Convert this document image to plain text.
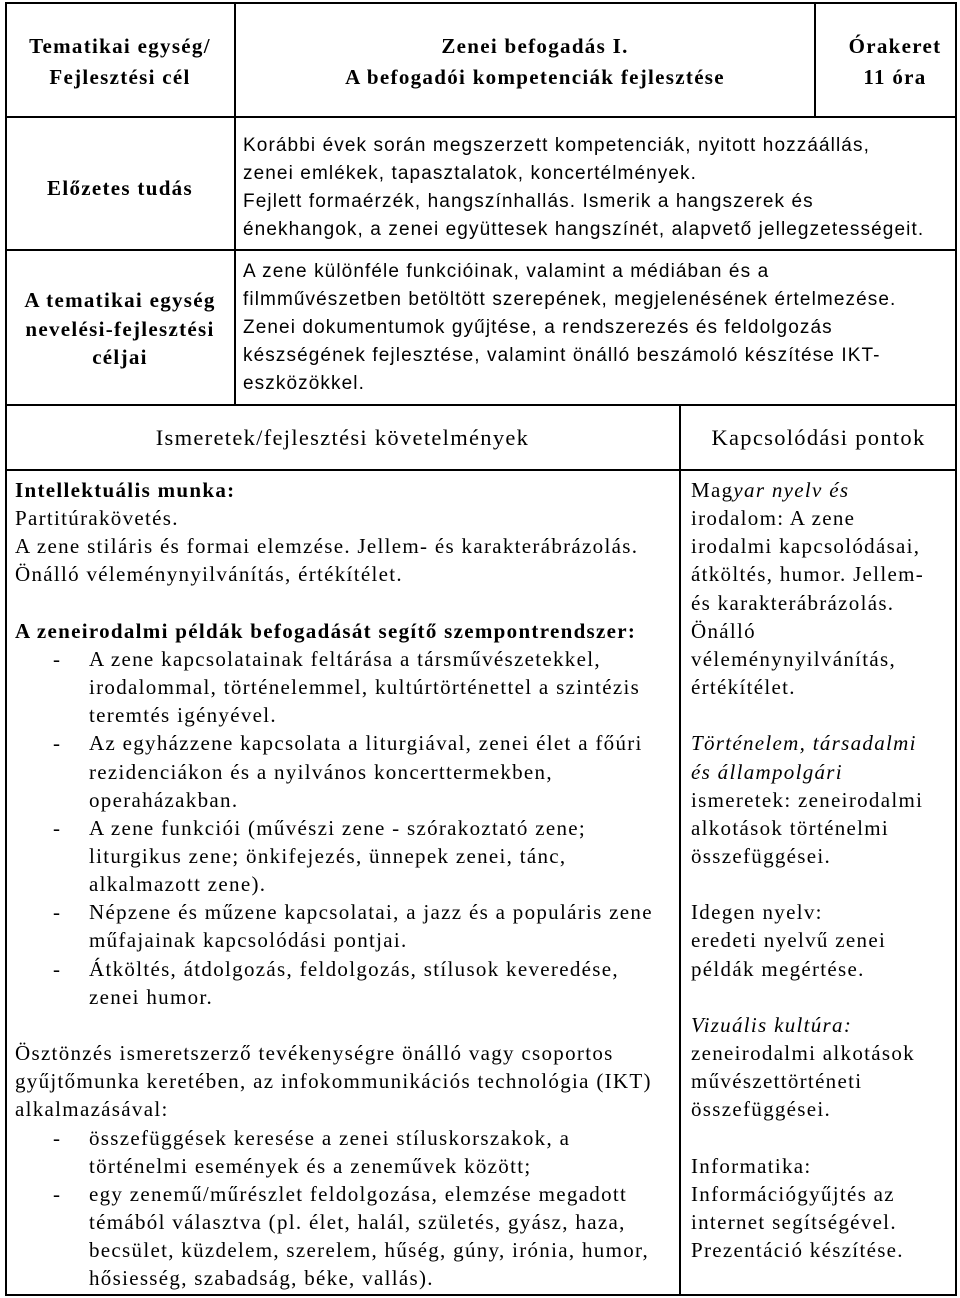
Tematikai egység/
Fejlesztési cél
Zenei befogadás I.
A befogadói kompetenciák fejlesztése
Órakeret
11 óra
Előzetes tudás
Korábbi évek során megszerzett kompetenciák, nyitott hozzáállás,
zenei emlékek, tapasztalatok, koncertélmények.
Fejlett formaérzék, hangszínhallás. Ismerik a hangszerek és
énekhangok, a zenei együttesek hangszínét, alapvető jellegzetességeit.
A tematikai egység
nevelési-fejlesztési
céljai
A zene különféle funkcióinak, valamint a médiában és a
filmművészetben betöltött szerepének, megjelenésének értelmezése.
Zenei dokumentumok gyűjtése, a rendszerezés és feldolgozás
készségének fejlesztése, valamint önálló beszámoló készítése IKT-
eszközökkel.
Ismeretek/fejlesztési követelmények	Kapcsolódási pontok
Intellektuális munka:
Partitúrakövetés.
A zene stiláris és formai elemzése. Jellem- és karakterábrázolás.
Önálló véleménynyilvánítás, értékítélet.
A zeneirodalmi példák befogadását segítő szempontrendszer:
- A zene kapcsolatainak feltárása a társművészetekkel,
irodalommal, történelemmel, kultúrtörténettel a szintézis
teremtés igényével.
- Az egyházzene kapcsolata a liturgiával, zenei élet a főúri
rezidenciákon és a nyilvános koncerttermekben,
operaházakban.
- A zene funkciói (művészi zene - szórakoztató zene;
liturgikus zene; önkifejezés, ünnepek zenei, tánc,
alkalmazott zene).
- Népzene és műzene kapcsolatai, a jazz és a populáris zene
műfajainak kapcsolódási pontjai.
- Átköltés, átdolgozás, feldolgozás, stílusok keveredése,
zenei humor.
Ösztönzés ismeretszerző tevékenységre önálló vagy csoportos
gyűjtőmunka keretében, az infokommunikációs technológia (IKT)
alkalmazásával:
- összefüggések keresése a zenei stíluskorszakok, a
történelmi események és a zeneművek között;
- egy zenemű/műrészlet feldolgozása, elemzése megadott
témából választva (pl. élet, halál, születés, gyász, haza,
becsület, küzdelem, szerelem, hűség, gúny, irónia, humor,
hősiesség, szabadság, béke, vallás).
Magyar nyelv és
irodalom: A zene
irodalmi kapcsolódásai,
átköltés, humor. Jellem-
és karakterábrázolás.
Önálló
véleménynyilvánítás,
értékítélet.
Történelem, társadalmi
és állampolgári
ismeretek: zeneirodalmi
alkotások történelmi
összefüggései.
Idegen nyelv:
eredeti nyelvű zenei
példák megértése.
Vizuális kultúra:
zeneirodalmi alkotások
művészettörténeti
összefüggései.
Informatika:
Információgyűjtés az
internet segítségével.
Prezentáció készítése.
